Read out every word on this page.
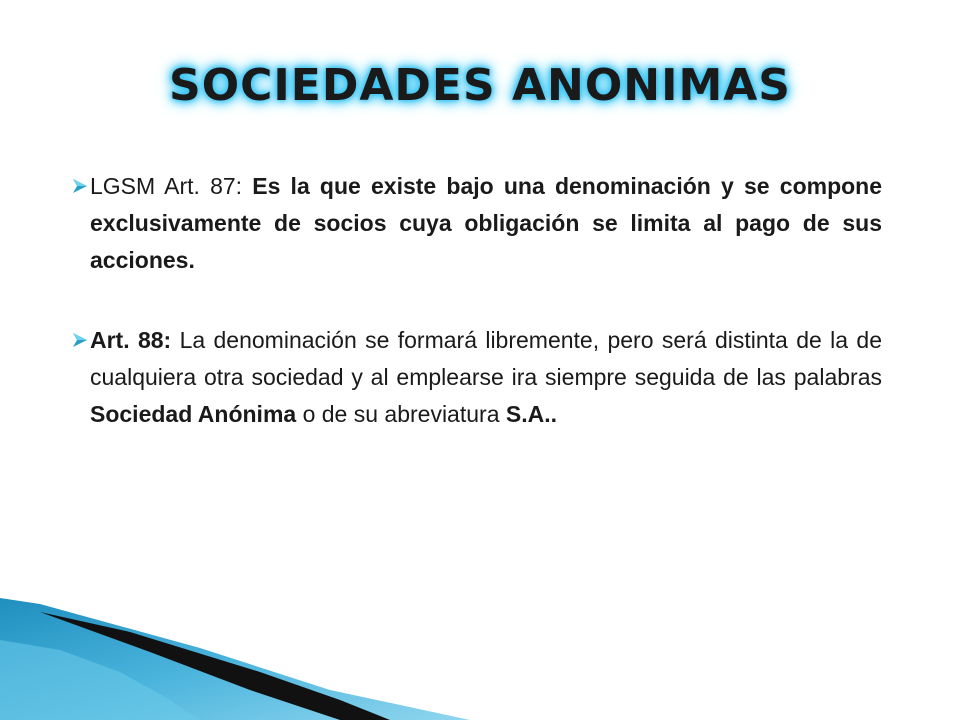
SOCIEDADES ANONIMAS
LGSM Art. 87: Es la que existe bajo una denominación y se compone exclusivamente de socios cuya obligación se limita al pago de sus acciones.
Art. 88: La denominación se formará libremente, pero será distinta de la de cualquiera otra sociedad y al emplearse ira siempre seguida de las palabras Sociedad Anónima o de su abreviatura S.A..
